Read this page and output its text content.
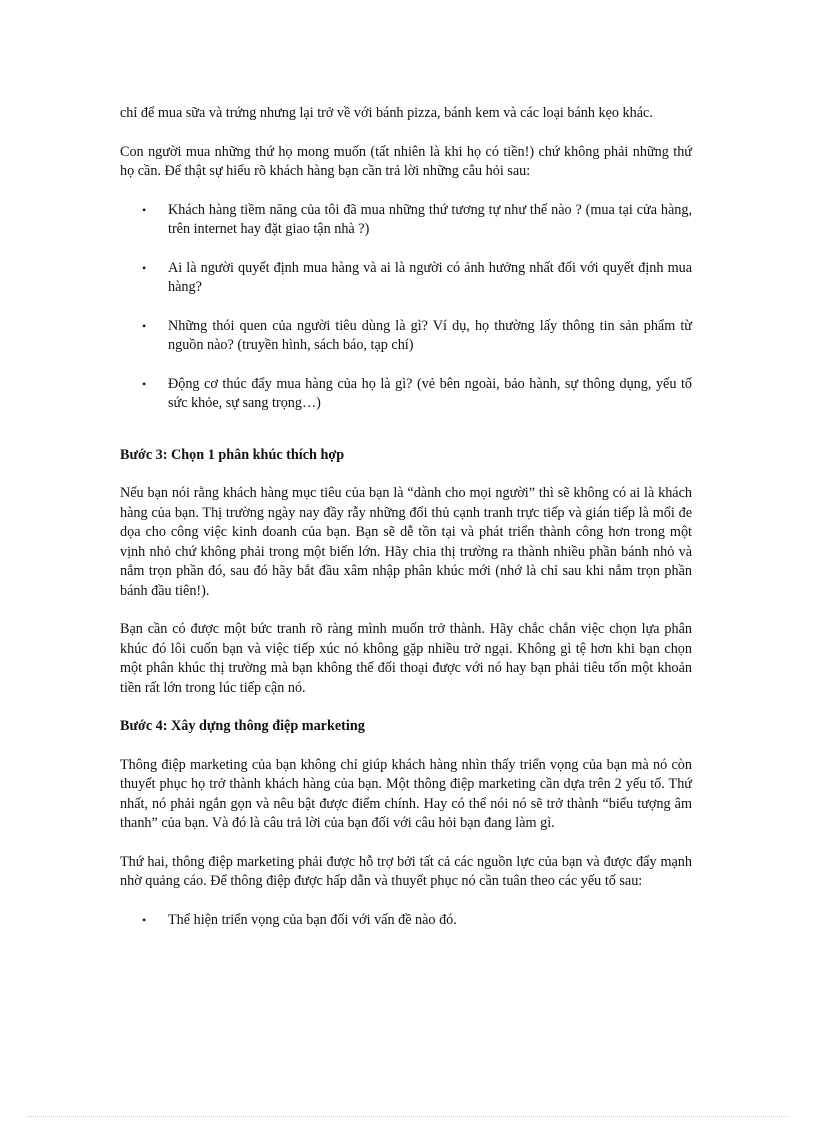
chỉ để mua sữa và trứng nhưng lại trở về với bánh pizza, bánh kem và các loại bánh kẹo khác.

Con người mua những thứ họ mong muốn (tất nhiên là khi họ có tiền!) chứ không phải những thứ họ cần. Để thật sự hiểu rõ khách hàng bạn cần trả lời những câu hỏi sau:

• Khách hàng tiềm năng của tôi đã mua những thứ tương tự như thế nào ? (mua tại cửa hàng, trên internet hay đặt giao tận nhà ?)
• Ai là người quyết định mua hàng và ai là người có ảnh hưởng nhất đối với quyết định mua hàng?
• Những thói quen của người tiêu dùng là gì? Ví dụ, họ thường lấy thông tin sản phẩm từ nguồn nào? (truyền hình, sách báo, tạp chí)
• Động cơ thúc đẩy mua hàng của họ là gì? (vẻ bên ngoài, bảo hành, sự thông dụng, yếu tố sức khỏe, sự sang trọng…)
Bước 3: Chọn 1 phân khúc thích hợp

Nếu bạn nói rằng khách hàng mục tiêu của bạn là “dành cho mọi người” thì sẽ không có ai là khách hàng của bạn. Thị trường ngày nay đầy rẫy những đối thủ cạnh tranh trực tiếp và gián tiếp là mối đe dọa cho công việc kinh doanh của bạn. Bạn sẽ dễ tồn tại và phát triển thành công hơn trong một vịnh nhỏ chứ không phải trong một biển lớn. Hãy chia thị trường ra thành nhiều phần bánh nhỏ và nắm trọn phần đó, sau đó hãy bắt đầu xâm nhập phân khúc mới (nhớ là chỉ sau khi nắm trọn phần bánh đầu tiên!).

Bạn cần có được một bức tranh rõ ràng mình muốn trở thành. Hãy chắc chắn việc chọn lựa phân khúc đó lôi cuốn bạn và việc tiếp xúc nó không gặp nhiều trở ngại. Không gì tệ hơn khi bạn chọn một phân khúc thị trường mà bạn không thể đối thoại được với nó hay bạn phải tiêu tốn một khoản tiền rất lớn trong lúc tiếp cận nó.

Bước 4: Xây dựng thông điệp marketing

Thông điệp marketing của bạn không chỉ giúp khách hàng nhìn thấy triển vọng của bạn mà nó còn thuyết phục họ trở thành khách hàng của bạn. Một thông điệp marketing cần dựa trên 2 yếu tố. Thứ nhất, nó phải ngắn gọn và nêu bật được điểm chính. Hay có thể nói nó sẽ trở thành “biểu tượng âm thanh” của bạn. Và đó là câu trả lời của bạn đối với câu hỏi bạn đang làm gì.

Thứ hai, thông điệp marketing phải được hỗ trợ bởi tất cả các nguồn lực của bạn và được đẩy mạnh nhờ quảng cáo. Để thông điệp được hấp dẫn và thuyết phục nó cần tuân theo các yếu tố sau:

• Thể hiện triển vọng của bạn đối với vấn đề nào đó.
